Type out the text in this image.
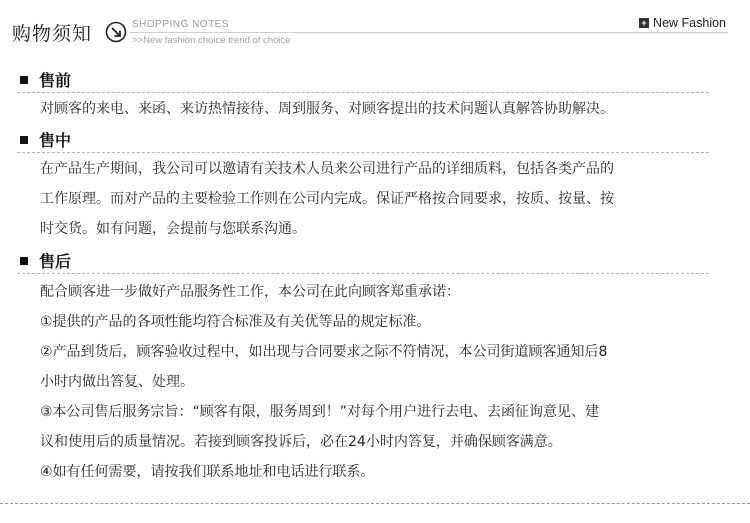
购物须知	SHOPPING NOTES
>>New fashion choice trend of choice
+ New Fashion
售前
对顾客的来电、来函、来访热情接待、周到服务、对顾客提出的技术问题认真解答协助解决。
售中
在产品生产期间，我公司可以邀请有关技术人员来公司进行产品的详细质料，包括各类产品的
工作原理。而对产品的主要检验工作则在公司内完成。保证严格按合同要求，按质、按量、按
时交货。如有问题，会提前与您联系沟通。
售后
配合顾客进一步做好产品服务性工作，本公司在此向顾客郑重承诺：
①提供的产品的各项性能均符合标准及有关优等品的规定标准。
②产品到货后，顾客验收过程中，如出现与合同要求之际不符情况，本公司街道顾客通知后8
小时内做出答复、处理。
③本公司售后服务宗旨：“顾客有限，服务周到！”对每个用户进行去电、去函征询意见、建
议和使用后的质量情况。若接到顾客投诉后，必在24小时内答复，并确保顾客满意。
④如有任何需要，请按我们联系地址和电话进行联系。
